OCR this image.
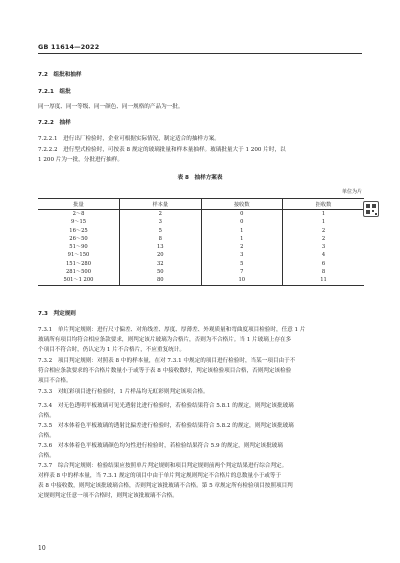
GB 11614—2022
7.2  组批和抽样
7.2.1  组批
同一厚度、同一等级、同一颜色、同一规格的产品为一批。
7.2.2  抽样
7.2.2.1  进行出厂检验时，企业可根据实际情况，制定适合的抽样方案。
7.2.2.2  进行型式检验时，可按表 8 规定的玻璃批量和样本量抽样。玻璃批量大于 1 200 片时，以
1 200 片为一批，分批进行抽样。
表 8  抽样方案表
单位为片
批量	样本量	接收数	拒收数
2～8	2	0	1
9～15	3	0	1
16～25	5	1	2
26～50	8	1	2
51～90	13	2	3
91～150	20	3	4
151～280	32	5	6
281～500	50	7	8
501～1 200	80	10	11
7.3  判定规则
7.3.1  单片判定规则：进行尺寸偏差、对角线差、厚度、厚薄差、外观质量和弯曲度项目检验时，任意 1 片
玻璃所有项目均符合相应条款要求，则判定该片玻璃为合格片，否则为不合格片。当 1 片玻璃上存在多
个项目不符合时，仍认定为 1 片不合格片，不应重复统计。
7.3.2  项目判定规则：对照表 8 中的样本量，在对 7.3.1 中规定的项目进行检验时，当某一项目由于不
符合相应条款要求的不合格片数量小于或等于表 8 中接收数时，判定该检验项目合格，否则判定该检验
项目不合格。
7.3.3  对虹彩项目进行检验时，1 片样品均无虹彩则判定该项合格。
7.3.4  对无色透明平板玻璃可见光透射比进行检验时，若检验结果符合 5.8.1 的规定，则判定该批玻璃
合格。
7.3.5  对本体着色平板玻璃的透射比偏差进行检验时，若检验结果符合 5.8.2 的规定，则判定该批玻璃
合格。
7.3.6  对本体着色平板玻璃颜色均匀性进行检验时，若检验结果符合 5.9 的规定，则判定该批玻璃
合格。
7.3.7  综合判定规则：检验结果应按照单片判定规则和项目判定规则前两个判定结果进行综合判定。
对样表 8 中的样本量，当 7.3.1 规定的项目中由于单片判定规则判定不合格片的总数量小于或等于
表 8 中接收数，则判定该批玻璃合格，否则判定该批玻璃不合格。第 5 章规定所有检验项目按照项目判
定规则判定任意一项不合格时，则判定该批玻璃不合格。
10
